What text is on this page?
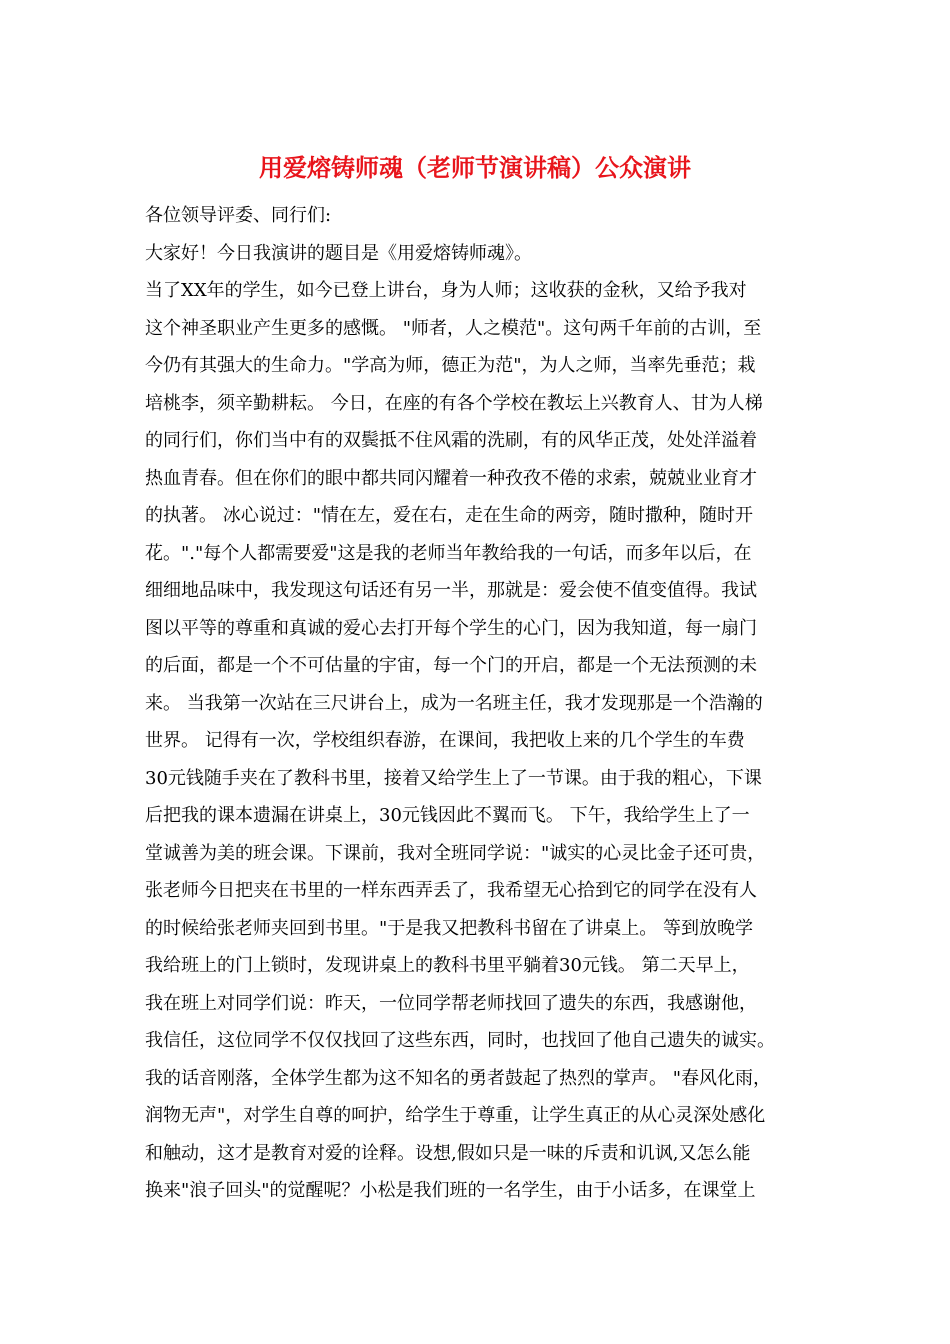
用爱熔铸师魂（老师节演讲稿）公众演讲
各位领导评委、同行们:
大家好！今日我演讲的题目是《用爱熔铸师魂》。
当了XX年的学生，如今已登上讲台，身为人师；这收获的金秋，又给予我对
这个神圣职业产生更多的感慨。 "师者，人之模范"。这句两千年前的古训，至
今仍有其强大的生命力。"学高为师，德正为范"，为人之师，当率先垂范；栽
培桃李，须辛勤耕耘。 今日，在座的有各个学校在教坛上兴教育人、甘为人梯
的同行们，你们当中有的双鬓抵不住风霜的洗刷，有的风华正茂，处处洋溢着
热血青春。但在你们的眼中都共同闪耀着一种孜孜不倦的求索，兢兢业业育才
的执著。 冰心说过："情在左，爱在右，走在生命的两旁，随时撒种，随时开
花。"."每个人都需要爱"这是我的老师当年教给我的一句话，而多年以后，在
细细地品味中，我发现这句话还有另一半，那就是：爱会使不值变值得。我试
图以平等的尊重和真诚的爱心去打开每个学生的心门，因为我知道，每一扇门
的后面，都是一个不可估量的宇宙，每一个门的开启，都是一个无法预测的未
来。 当我第一次站在三尺讲台上，成为一名班主任，我才发现那是一个浩瀚的
世界。 记得有一次，学校组织春游，在课间，我把收上来的几个学生的车费
30元钱随手夹在了教科书里，接着又给学生上了一节课。由于我的粗心，下课
后把我的课本遗漏在讲桌上，30元钱因此不翼而飞。 下午，我给学生上了一
堂诚善为美的班会课。下课前，我对全班同学说："诚实的心灵比金子还可贵，
张老师今日把夹在书里的一样东西弄丢了，我希望无心拾到它的同学在没有人
的时候给张老师夹回到书里。"于是我又把教科书留在了讲桌上。 等到放晚学
我给班上的门上锁时，发现讲桌上的教科书里平躺着30元钱。 第二天早上，
我在班上对同学们说：昨天，一位同学帮老师找回了遗失的东西，我感谢他，
我信任，这位同学不仅仅找回了这些东西，同时，也找回了他自己遗失的诚实。
我的话音刚落，全体学生都为这不知名的勇者鼓起了热烈的掌声。 "春风化雨，
润物无声"，对学生自尊的呵护，给学生于尊重，让学生真正的从心灵深处感化
和触动，这才是教育对爱的诠释。设想,假如只是一味的斥责和讥讽,又怎么能
换来"浪子回头"的觉醒呢？小松是我们班的一名学生，由于小话多，在课堂上
